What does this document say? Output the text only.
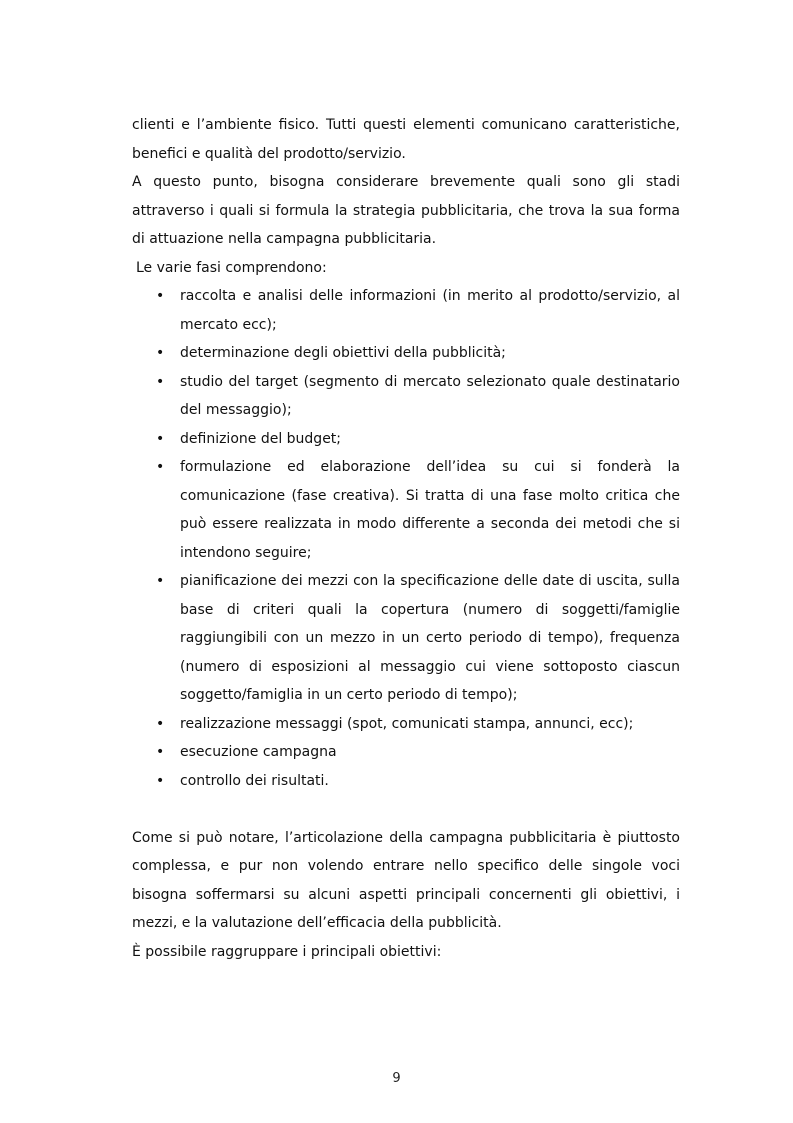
clienti e l’ambiente fisico. Tutti questi elementi comunicano caratteristiche, benefici e qualità del prodotto/servizio.

A questo punto, bisogna considerare brevemente quali sono gli stadi attraverso i quali si formula la strategia pubblicitaria, che trova la sua forma di attuazione nella campagna pubblicitaria.

Le varie fasi comprendono:

• raccolta e analisi delle informazioni (in merito al prodotto/servizio, al mercato ecc);
• determinazione degli obiettivi della pubblicità;
• studio del target (segmento di mercato selezionato quale destinatario del messaggio);
• definizione del budget;
• formulazione ed elaborazione dell’idea su cui si fonderà la comunicazione (fase creativa). Si tratta di una fase molto critica che può essere realizzata in modo differente a seconda dei metodi che si intendono seguire;
• pianificazione dei mezzi con la specificazione delle date di uscita, sulla base di criteri quali la copertura (numero di soggetti/famiglie raggiungibili con un mezzo in un certo periodo di tempo), frequenza (numero di esposizioni al messaggio cui viene sottoposto ciascun soggetto/famiglia in un certo periodo di tempo);
• realizzazione messaggi (spot, comunicati stampa, annunci, ecc);
• esecuzione campagna
• controllo dei risultati.

Come si può notare, l’articolazione della campagna pubblicitaria è piuttosto complessa, e pur non volendo entrare nello specifico delle singole voci bisogna soffermarsi su alcuni aspetti principali concernenti gli obiettivi, i mezzi, e la valutazione dell’efficacia della pubblicità.

È possibile raggruppare i principali obiettivi:

9
